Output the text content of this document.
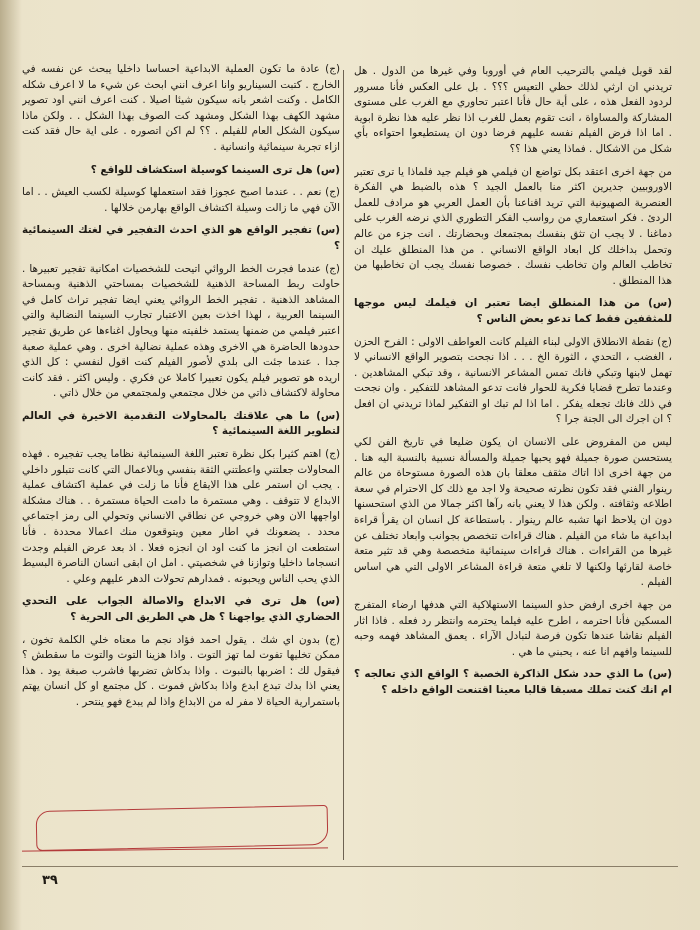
لقد قوبل فيلمي بالترحيب العام في أوروبا وفي غيرها من الدول . هل تريدني ان ارثي لذلك حظي التعيس ؟؟؟ . بل على العكس فأنا مسرور لردود الفعل هذه ، على أية حال فأنا اعتبر تحاوري مع الغرب على مستوى المشاركة والمساواة ، انت تقوم بعمل للغرب اذا نظر عليه هذا نظرة ابوية . اما اذا فرض الفيلم نفسه عليهم فرضا دون ان يستطيعوا احتواءه بأي شكل من الاشكال . فماذا يعني هذا ؟؟

من جهة اخرى اعتقد بكل تواضع ان فيلمي هو فيلم جيد فلماذا يا ترى تعتبر الاوروبيين جديرين اكثر منا بالعمل الجيد ؟ هذه بالضبط هي الفكرة العنصرية الصهيونية التي تريد اقناعنا بأن العمل العربي هو مرادف للعمل الردئ . فكر استعماري من رواسب الفكر التطوري الذي نرضه الغرب على دماغنا . لا يجب ان تثق بنفسك بمجتمعك وبحضارتك . انت جزء من عالم وتحمل بداخلك كل ابعاد الواقع الانساني . من هذا المنطلق عليك ان تخاطب العالم وان تخاطب نفسك . خصوصا نفسك يجب ان تخاطبها من هذا المنطلق .

(س) من هذا المنطلق ايضا تعتبر ان فيلمك ليس موجها للمثقفين فقط كما تدعو بعض الناس ؟

(ج) نقطة الانطلاق الاولى لبناء الفيلم كانت العواطف الاولى : الفرح الحزن ، الغضب ، التحدي ، الثورة الخ . . . اذا نجحت بتصوير الواقع الانساني لا تهمل لابنها وتبكي فانك تمس المشاعر الانسانية ، وقد تبكي المشاهدين . وعندما تطرح قضايا فكرية للحوار فانت تدعو المشاهد للتفكير . وان نجحت في ذلك فانك تجعله يفكر . اما اذا لم تبك او التفكير لماذا تريدني ان افعل ؟ ان اجرك الى الجنة جرا ؟

ليس من المفروض على الانسان ان يكون ضليعا في تاريخ الفن لكي يستحسن صورة جميلة فهو يحبها جميلة والمسألة نسبية بالنسبة اليه هنا . من جهة اخرى اذا اتاك مثقف معلقا بان هذه الصورة مستوحاة من عالم رينوار الفني فقد تكون نظرته صحيحة ولا اجد مع ذلك كل الاحترام في سعة اطلاعه وثقافته . ولكن هذا لا يعني بانه رآها اكثر جمالا من الذي استحسنها دون ان يلاحظ انها تشبه عالم رينوار . باستطاعة كل انسان ان يقرأ قراءة ابداعية ما شاء من الفيلم . هناك قراءات تتخصص بجوانب وابعاد تختلف عن غيرها من القراءات . هناك قراءات سينمائية متخصصة وهي قد تثير متعة خاصة لقارئها ولكنها لا تلغي متعة قراءة المشاعر الاولى التي هي اساس الفيلم .

من جهة اخرى ارفض حذو السينما الاستهلاكية التي هدفها ارضاء المتفرج المسكين فأنا احترمه ، اطرح عليه فيلما يحترمه وانتظر رد فعله . فاذا اثار الفيلم نقاشا عندها تكون فرصة لتبادل الآراء . يعمق المشاهد فهمه وحبه للسينما وافهم انا عنه ، يحبني ما هي .

(س) ما الذي حدد شكل الذاكرة الخصبة ؟ الواقع الذي تعالجه ؟ ام انك كنت تملك مسبقا قالبا معينا اقتنعت الواقع داخله ؟

(ج) عادة ما تكون العملية الابداعية احساسا داخليا يبحث عن نفسه في الخارج . كتبت السيناريو وانا اعرف انني ابحث عن شيء ما لا اعرف شكله الكامل . وكنت اشعر بانه سيكون شيئا اصيلا . كنت اعرف انني اود تصوير مشهد الكهف بهذا الشكل ومشهد كت الصوف بهذا الشكل . . ولكن ماذا سيكون الشكل العام للفيلم . ؟؟ لم اكن اتصوره . على اية حال فقد كنت ازاء تجربة سينمائية وانسانية .

(س) هل ترى السينما كوسيلة استكشاف للواقع ؟

(ج) نعم . . عندما اصبح عجوزا فقد استعملها كوسيلة لكسب العيش . . اما الآن فهي ما زالت وسيلة اكتشاف الواقع بهارمن خلالها .

(س) تفجير الواقع هو الذي احدث التفجير في لغتك السينمائية ؟

(ج) عندما فجرت الخط الروائي اتيحت للشخصيات امكانية تفجير تعبيرها . حاولت ربط المساحة الذهنية للشخصيات بمساحتي الذهنية وبمساحة المشاهد الذهنية . تفجير الخط الروائي يعني ايضا تفجير تراث كامل في السينما العربية ، لهذا اخذت بعين الاعتبار تجارب السينما النضالية والتي اعتبر فيلمي من ضمنها يستمد خلفيته منها ويحاول اغناءها عن طريق تفجير حدودها الحاضرة هي الاخرى وهذه عملية نضالية اخرى . وهي عملية صعبة جدا . عندما جئت الى بلدي لأصور الفيلم كنت اقول لنفسي : كل الذي اريده هو تصوير فيلم يكون تعبيرا كاملا عن فكري . وليس اكثر . فقد كانت محاولة لاكتشاف ذاتي من خلال مجتمعي ولمجتمعي من خلال ذاتي .

(س) ما هي علاقتك بالمحاولات التقدمية الاخيرة في العالم لتطوير اللغة السينمائية ؟

(ج) اهتم كثيرا بكل نظرة تعتبر اللغة السينمائية نظاما يجب تفجيره . فهذه المحاولات جعلتني واعطتني الثقة بنفسي وبالاعمال التي كانت تتبلور داخلي . يجب ان استمر على هذا الايقاع فأنا ما زلت في عملية اكتشاف عملية الابداع لا تتوقف . وهي مستمرة ما دامت الحياة مستمرة . . هناك مشكلة اواجهها الان وهي خروجي عن نطاقي الانساني وتحولي الى رمز اجتماعي محدد . يضعونك في اطار معين ويتوقعون منك اعمالا محددة . فأنا استطعت ان انجز ما كنت اود ان انجزه فعلا . اذ بعد عرض الفيلم وجدت انسجاما داخليا وتوازنا في شخصيتي . امل ان ابقى انسان الناصرة البسيط الذي يحب الناس ويحبونه . فمدارهم تحولات الدهر عليهم وعلي .

(س) هل ترى في الابداع والاصالة الجواب على التحدي الحضاري الذي يواجهنا ؟ هل هي الطريق الى الحرية ؟

(ج) بدون اي شك . يقول احمد فؤاد نجم ما معناه خلي الكلمة تخون ، ممكن تخليها تفوت لما تهز التوت . واذا هزينا التوت والتوت ما سقطش ؟ فيقول لك : اضربها بالنبوت . واذا بدكاش تضربها فاشرب صبغة يود . هذا يعني اذا بدك تبدع ابدع واذا بدكاش فموت . كل مجتمع او كل انسان يهتم باستمرارية الحياة لا مفر له من الابداع واذا لم يبدع فهو ينتحر .

٣٩
